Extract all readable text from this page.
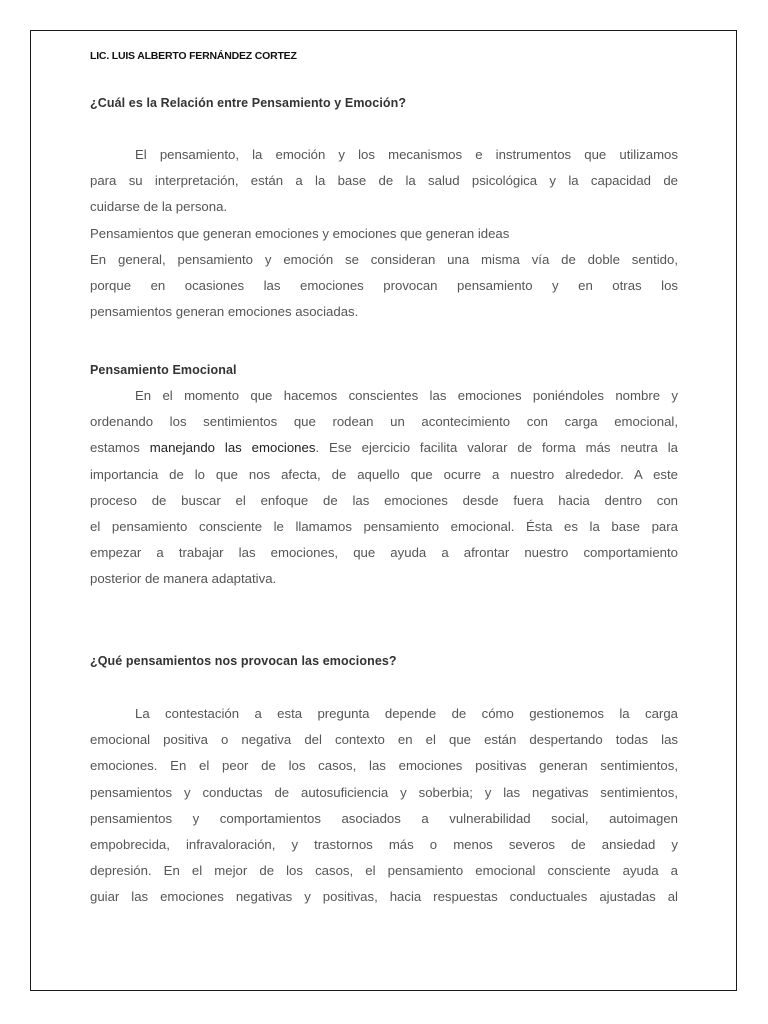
LIC. LUIS ALBERTO FERNÁNDEZ CORTEZ
¿Cuál es la Relación entre Pensamiento y Emoción?
El pensamiento, la emoción y los mecanismos e instrumentos que utilizamos
para su interpretación, están a la base de la salud psicológica y la capacidad de
cuidarse de la persona.
Pensamientos que generan emociones y emociones que generan ideas
En general, pensamiento y emoción se consideran una misma vía de doble sentido,
porque en ocasiones las emociones provocan pensamiento y en otras los
pensamientos generan emociones asociadas.
Pensamiento Emocional
En el momento que hacemos conscientes las emociones poniéndoles nombre y
ordenando los sentimientos que rodean un acontecimiento con carga emocional,
estamos manejando las emociones. Ese ejercicio facilita valorar de forma más neutra la
importancia de lo que nos afecta, de aquello que ocurre a nuestro alrededor. A este
proceso de buscar el enfoque de las emociones desde fuera hacia dentro con
el pensamiento consciente le llamamos pensamiento emocional. Ésta es la base para
empezar a trabajar las emociones, que ayuda a afrontar nuestro comportamiento
posterior de manera adaptativa.
¿Qué pensamientos nos provocan las emociones?
La contestación a esta pregunta depende de cómo gestionemos la carga
emocional positiva o negativa del contexto en el que están despertando todas las
emociones. En el peor de los casos, las emociones positivas generan sentimientos,
pensamientos y conductas de autosuficiencia y soberbia; y las negativas sentimientos,
pensamientos y comportamientos asociados a vulnerabilidad social, autoimagen
empobrecida, infravaloración, y trastornos más o menos severos de ansiedad y
depresión. En el mejor de los casos, el pensamiento emocional consciente ayuda a
guiar las emociones negativas y positivas, hacia respuestas conductuales ajustadas al
